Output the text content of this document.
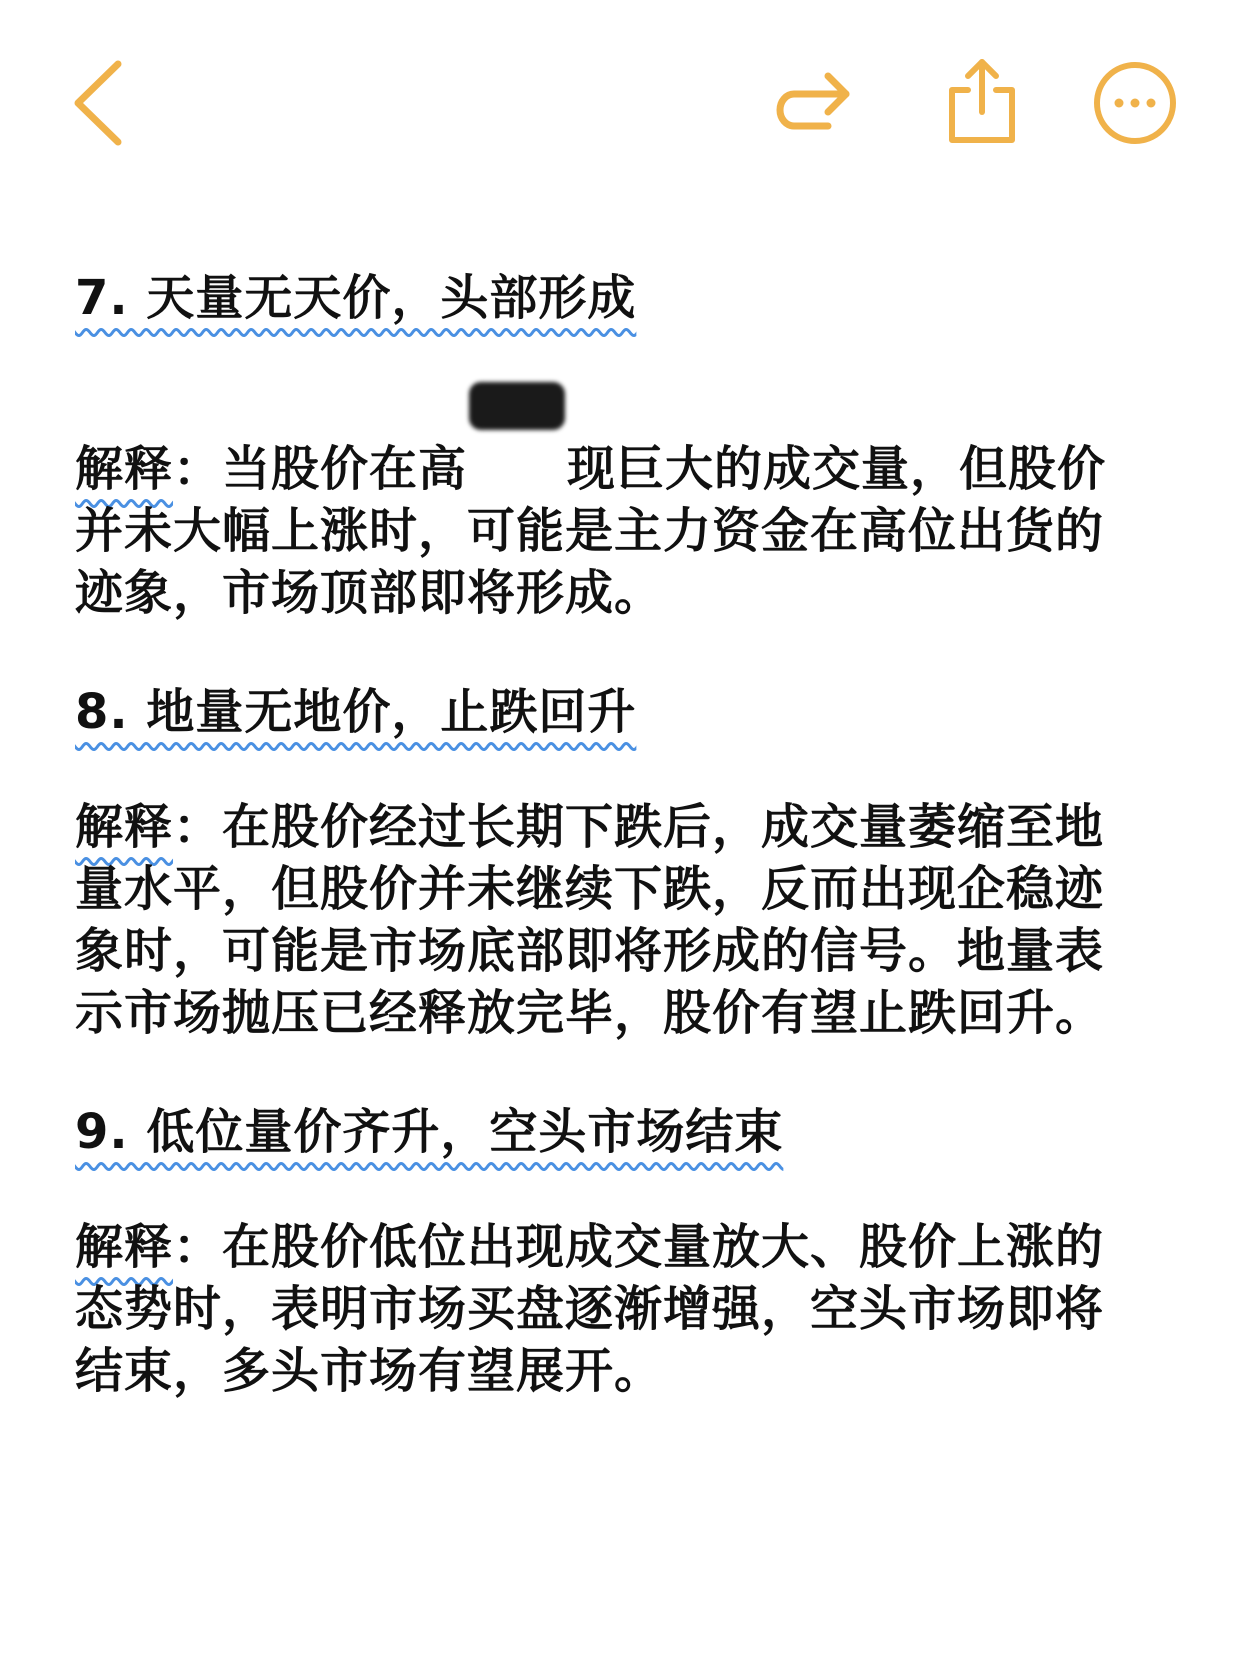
7. 天量无天价，头部形成
解释：当股价在高 现巨大的成交量，但股价并未大幅上涨时，可能是主力资金在高位出货的迹象，市场顶部即将形成。
8. 地量无地价，止跌回升
解释：在股价经过长期下跌后，成交量萎缩至地量水平，但股价并未继续下跌，反而出现企稳迹象时，可能是市场底部即将形成的信号。地量表示市场抛压已经释放完毕，股价有望止跌回升。
9. 低位量价齐升，空头市场结束
解释：在股价低位出现成交量放大、股价上涨的态势时，表明市场买盘逐渐增强，空头市场即将结束，多头市场有望展开。
